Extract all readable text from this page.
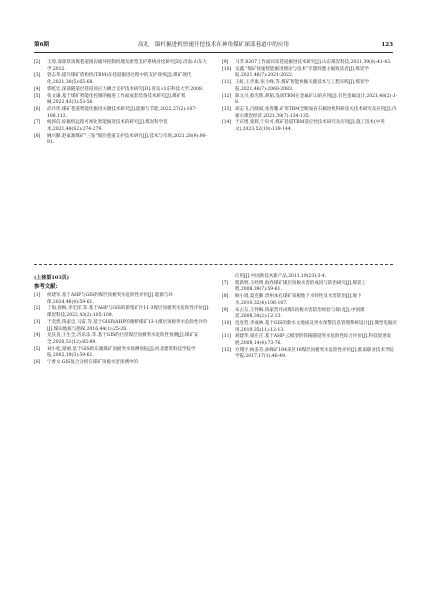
第6期	高礼　锚杆掘进机快速开挖技术在神角煤矿深部巷道中的应用	123
[2]	王琦.深部厚顶煤巷道围岩破坏控制机理及新型支护系统对比研究[D].济南:山东大学,2012.
[3]	曾志华.提升煤矿盾构机(TBM)在巷道掘进过程中的支护效率[J].煤矿现代化,2021,30(5):65-68.
[4]	郭屹宏.深部隧道层巷道顶应力耦合支护技术研究[D].青岛:山东科技大学,2008.
[5]	张文谦.基于煤矿智能化控制的掘进工作面成套装备技术研究[J].煤矿机械,2022,43(3):53-56.
[6]	武丹伟.煤矿巷道智能化掘进关键技术研究[J].能源与节能,2022,27(2):107-108,112.
[7]	杨郭信.综掘机远程可视化智能掘进技术的研究[J].煤炭科学技术,2021,49(S2):274-279.
[8]	姚兴勤.赵家寨煤矿"三钻"煤层巷道支护技术研究[J].技术与市场,2021,28(9):90-91.
[9]	马芳.8207工作面回采巷道掘进技术研究[J].山东煤炭科技,2021,39(8):41-43.
[10] 吴鑫."煤矿快速智能掘进理论与技术"专题特邀主编致读者[J].煤炭学报,2021,46(7):2021-2022.
[11] 王虹,王步康,张小峰,等.煤矿智能快掘关键技术与工程实践[J].煤炭学报,2021,46(7):2068-2083.
[12] 陈文兴,蔡光辉,胡韬.浅谈TBM在金属矿山的应用[J].有色金属设计,2021,48(2):1-8.
[13] 胡志飞,吕晓斌,张胥鹏.矿用TBM全断面岩石掘进机科研攻关技术研究及应用[J].内蒙古煤炭经济,2021,39(7):134-135.
[14] 于庆增,张辉,宁向可.煤矿巷道TBM适应性技术研究及应用[J].施工技术(中英文),2023,52(19):139-144.
(上接第103页)
参考文献:
[1]	侯建军.基于AHP与GIS的煤层顶板突水危险性评价[J].能源与环保,2024,46(4):59-61.
[2]	丁海,曾枫,李宏洋,等.基于AHP与GIS的新集矿区11-3煤层顶板突水危险性评价[J].煤炭科技,2022,43(2):105-109.
[3]	于奕然,钱家忠,马雷,等.基于GIS和AHP的谢桥煤矿13-1煤层顶板突水危险性评价[J].煤田地质与勘探,2016,44(1):25-28.
[4]	龙良良,王生全,肖乐乐,等.基于GIS的巨厚煤层顶板突水危险性预测[J].煤矿安全,2020,51(12):85-89.
[5]	刘小松,梁丽.基于GIS的东滩煤矿顶板突水预测预报[J].河北建筑科技学院学报,2002,19(3):59-61.
[6]	宁香文.GIS复合分析在煤矿顶板水害预测中的
应用[J].中国新技术新产品,2011,19(23):3-4.
[7]	程新明,王经明.海孜煤矿煤层顶板水害的成因与防治研究[J].煤炭工程,2008,39(7):59-61.
[8]	顾小琨,夏克勤.贵州本孔煤矿顶板地下水特性及水害防治[J].地下水,2010,32(4):106-107.
[9]	朱占友,王怀枫.钱家营井田煤5顶板水害防治经验与探讨[J].中国煤炭,2008,34(2):12-13.
[10] 包连营,李成林.基于GIS的新水文地质及突水预警信息管理系统设计[J].微型电脑应用,2019,35(11):12-13.
[11] 胡建华,梁庄庄.基于AHP-云模型的铁路隧道突水危险性综合评价[J].科技促进发展,2008,14(4):73-76.
[12] 方翔宇,杨多芬,孙峰矿104采区10煤层顶板突水危险性评价[J].淮南职业技术学院学报,2017,17(1):46-49.
